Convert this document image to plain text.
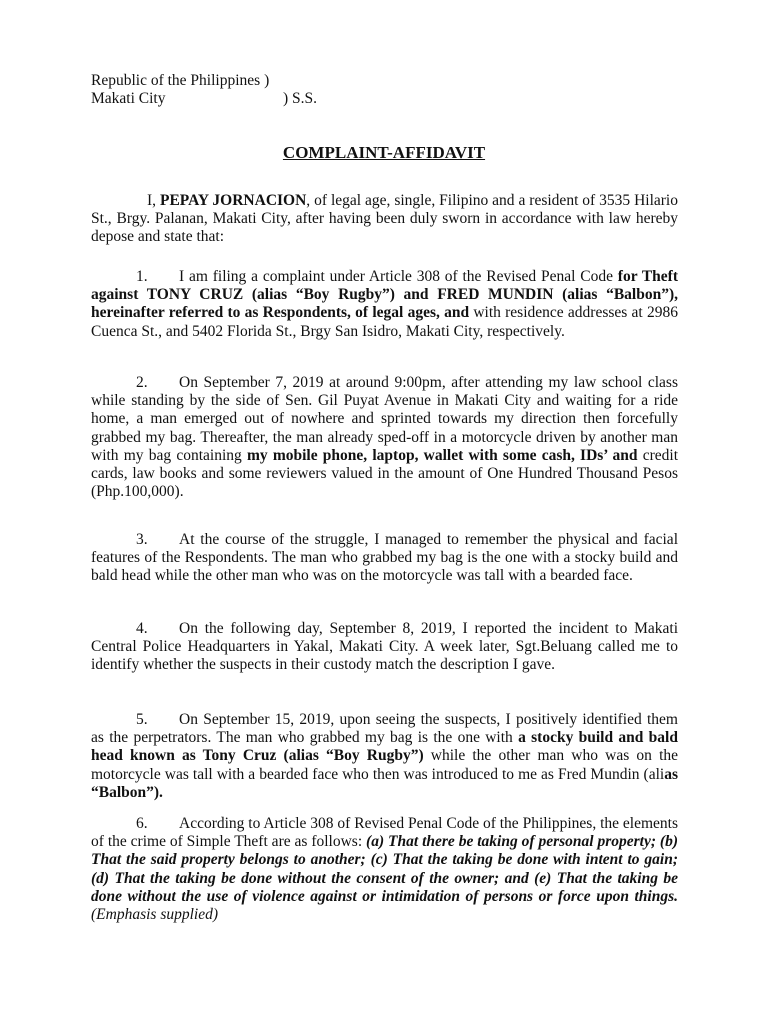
Republic of the Philippines )
Makati City	) S.S.
COMPLAINT-AFFIDAVIT

I, PEPAY JORNACION, of legal age, single, Filipino and a resident of 3535 Hilario St., Brgy. Palanan, Makati City, after having been duly sworn in accordance with law hereby depose and state that:

1. I am filing a complaint under Article 308 of the Revised Penal Code for Theft against TONY CRUZ (alias “Boy Rugby”) and FRED MUNDIN (alias “Balbon”), hereinafter referred to as Respondents, of legal ages, and with residence addresses at 2986 Cuenca St., and 5402 Florida St., Brgy San Isidro, Makati City, respectively.

2. On September 7, 2019 at around 9:00pm, after attending my law school class while standing by the side of Sen. Gil Puyat Avenue in Makati City and waiting for a ride home, a man emerged out of nowhere and sprinted towards my direction then forcefully grabbed my bag. Thereafter, the man already sped-off in a motorcycle driven by another man with my bag containing my mobile phone, laptop, wallet with some cash, IDs’ and credit cards, law books and some reviewers valued in the amount of One Hundred Thousand Pesos (Php.100,000).

3. At the course of the struggle, I managed to remember the physical and facial features of the Respondents. The man who grabbed my bag is the one with a stocky build and bald head while the other man who was on the motorcycle was tall with a bearded face.

4. On the following day, September 8, 2019, I reported the incident to Makati Central Police Headquarters in Yakal, Makati City. A week later, Sgt.Beluang called me to identify whether the suspects in their custody match the description I gave.

5. On September 15, 2019, upon seeing the suspects, I positively identified them as the perpetrators. The man who grabbed my bag is the one with a stocky build and bald head known as Tony Cruz (alias “Boy Rugby”) while the other man who was on the motorcycle was tall with a bearded face who then was introduced to me as Fred Mundin (alias “Balbon”).

6. According to Article 308 of Revised Penal Code of the Philippines, the elements of the crime of Simple Theft are as follows: (a) That there be taking of personal property; (b) That the said property belongs to another; (c) That the taking be done with intent to gain; (d) That the taking be done without the consent of the owner; and (e) That the taking be done without the use of violence against or intimidation of persons or force upon things. (Emphasis supplied)
